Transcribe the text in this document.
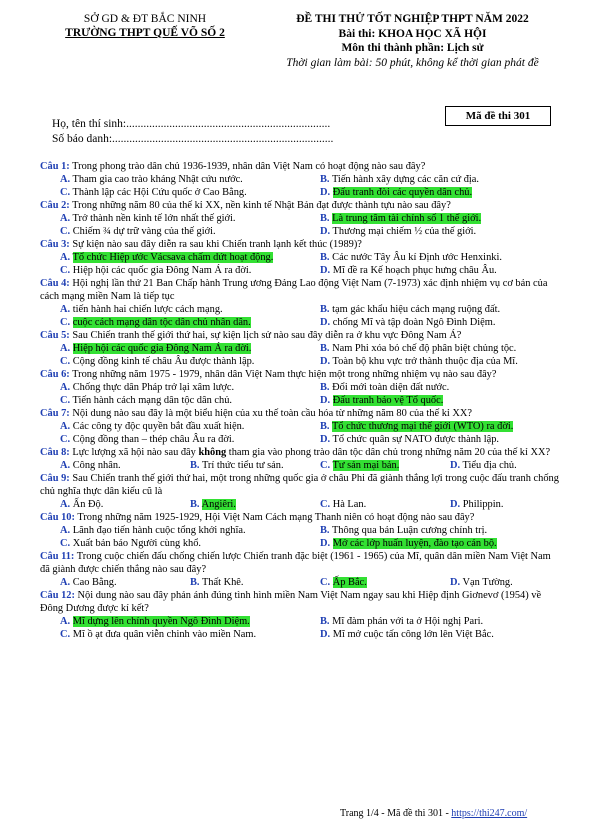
SỞ GD & ĐT BẮC NINH
TRƯỜNG THPT QUẾ VÕ SỐ 2
ĐỀ THI THỬ TỐT NGHIỆP THPT NĂM 2022
Bài thi: KHOA HỌC XÃ HỘI
Môn thi thành phần: Lịch sử
Thời gian làm bài: 50 phút, không kể thời gian phát đề
Họ, tên thí sinh:.......................................................................
Số báo danh:.............................................................................
Mã đề thi 301
Câu 1: Trong phong trào dân chủ 1936-1939, nhân dân Việt Nam có hoạt động nào sau đây?
A. Tham gia cao trào kháng Nhật cứu nước.	B. Tiến hành xây dựng các căn cứ địa.
C. Thành lập các Hội Cứu quốc ở Cao Bằng.	D. Đấu tranh đòi các quyền dân chủ.
Câu 2: Trong những năm 80 của thế kỉ XX, nền kinh tế Nhật Bản đạt được thành tựu nào sau đây?
A. Trở thành nền kinh tế lớn nhất thế giới.	B. Là trung tâm tài chính số 1 thế giới.
C. Chiếm ¾ dự trữ vàng của thế giới.	D. Thương mại chiếm ½ của thế giới.
Câu 3: Sự kiện nào sau đây diễn ra sau khi Chiến tranh lạnh kết thúc (1989)?
A. Tổ chức Hiệp ước Vácsava chấm dứt hoạt động.	B. Các nước Tây Âu kí Định ước Henxinki.
C. Hiệp hội các quốc gia Đông Nam Á ra đời.	D. Mĩ đề ra Kế hoạch phục hưng châu Âu.
Câu 4: Hội nghị lần thứ 21 Ban Chấp hành Trung ương Đảng Lao động Việt Nam (7-1973) xác định nhiệm vụ cơ bản của cách mạng miền Nam là tiếp tục
A. tiến hành hai chiến lược cách mạng.	B. tạm gác khẩu hiệu cách mạng ruộng đất.
C. cuộc cách mạng dân tộc dân chủ nhân dân.	D. chống Mĩ và tập đoàn Ngô Đình Diệm.
Câu 5: Sau Chiến tranh thế giới thứ hai, sự kiện lịch sử nào sau đây diễn ra ở khu vực Đông Nam Á?
A. Hiệp hội các quốc gia Đông Nam Á ra đời.	B. Nam Phi xóa bỏ chế độ phân biệt chủng tộc.
C. Cộng đồng kinh tế châu Âu được thành lập.	D. Toàn bộ khu vực trở thành thuộc địa của Mĩ.
Câu 6: Trong những năm 1975 - 1979, nhân dân Việt Nam thực hiện một trong những nhiệm vụ nào sau đây?
A. Chống thực dân Pháp trở lại xâm lược.	B. Đổi mới toàn diện đất nước.
C. Tiến hành cách mạng dân tộc dân chủ.	D. Đấu tranh bảo vệ Tổ quốc.
Câu 7: Nội dung nào sau đây là một biểu hiện của xu thế toàn cầu hóa từ những năm 80 của thế kỉ XX?
A. Các công ty độc quyền bắt đầu xuất hiện.	B. Tổ chức thương mại thế giới (WTO) ra đời.
C. Cộng đồng than – thép châu Âu ra đời.	D. Tổ chức quân sự NATO được thành lập.
Câu 8: Lực lượng xã hội nào sau đây không tham gia vào phong trào dân tộc dân chủ trong những năm 20 của thế kỉ XX?
A. Công nhân.	B. Trí thức tiểu tư sản.	C. Tư sản mại bản.	D. Tiểu địa chủ.
Câu 9: Sau Chiến tranh thế giới thứ hai, một trong những quốc gia ở châu Phi đã giành thắng lợi trong cuộc đấu tranh chống chủ nghĩa thực dân kiểu cũ là
A. Ấn Độ.	B. Angiêri.	C. Hà Lan.	D. Philippin.
Câu 10: Trong những năm 1925-1929, Hội Việt Nam Cách mạng Thanh niên có hoạt động nào sau đây?
A. Lãnh đạo tiến hành cuộc tổng khởi nghĩa.	B. Thông qua bản Luận cương chính trị.
C. Xuất bản báo Người cùng khổ.	D. Mở các lớp huấn luyện, đào tạo cán bộ.
Câu 11: Trong cuộc chiến đấu chống chiến lược Chiến tranh đặc biệt (1961 - 1965) của Mĩ, quân dân miền Nam Việt Nam đã giành được chiến thắng nào sau đây?
A. Cao Bằng.	B. Thất Khê.	C. Ấp Bắc.	D. Vạn Tường.
Câu 12: Nội dung nào sau đây phản ánh đúng tình hình miền Nam Việt Nam ngay sau khi Hiệp định Giơnevơ (1954) về Đông Dương được kí kết?
A. Mĩ dựng lên chính quyền Ngô Đình Diệm.	B. Mĩ đàm phán với ta ở Hội nghị Pari.
C. Mĩ ồ ạt đưa quân viễn chinh vào miền Nam.	D. Mĩ mở cuộc tấn công lớn lên Việt Bắc.
Trang 1/4 - Mã đề thi 301 - https://thi247.com/
